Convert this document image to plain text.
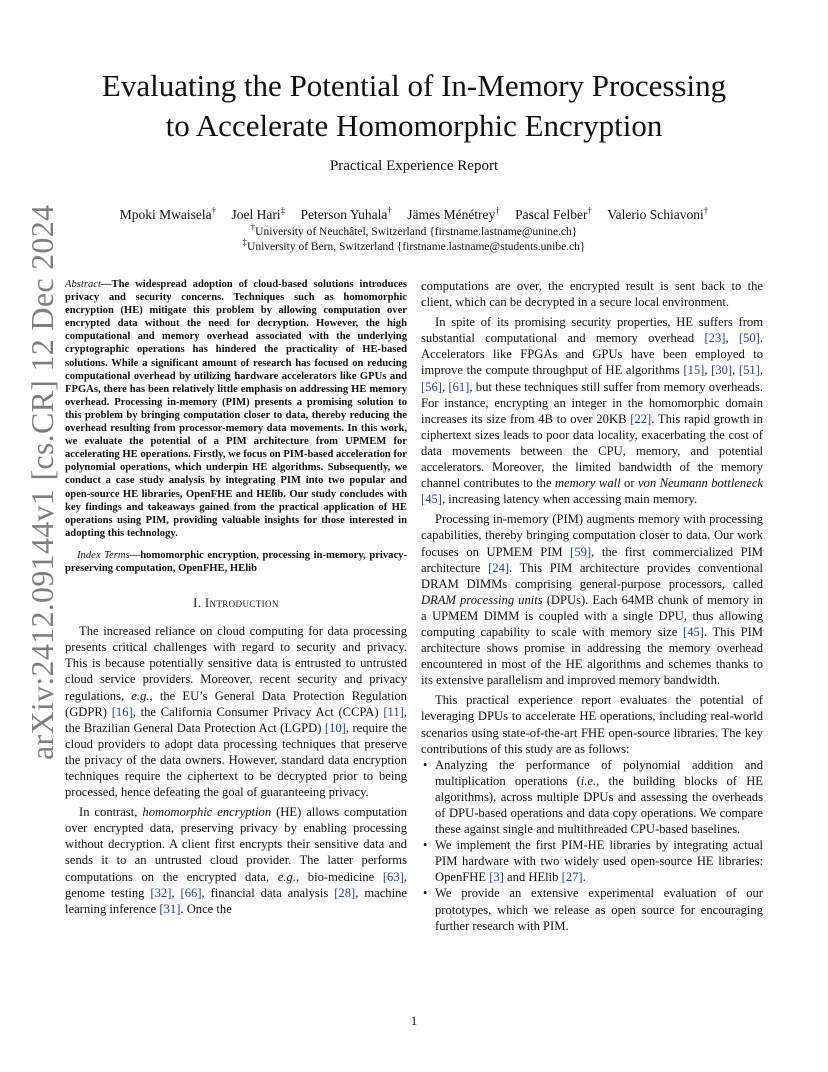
arXiv:2412.09144v1 [cs.CR] 12 Dec 2024
Evaluating the Potential of In-Memory Processing
to Accelerate Homomorphic Encryption
Practical Experience Report
Mpoki Mwaisela† Joel Hari‡ Peterson Yuhala† Jämes Ménétrey† Pascal Felber† Valerio Schiavoni†
†University of Neuchâtel, Switzerland {firstname.lastname@unine.ch}
‡University of Bern, Switzerland {firstname.lastname@students.unibe.ch}

Abstract—The widespread adoption of cloud-based solutions introduces privacy and security concerns. Techniques such as homomorphic encryption (HE) mitigate this problem by allowing computation over encrypted data without the need for decryption. However, the high computational and memory overhead associated with the underlying cryptographic operations has hindered the practicality of HE-based solutions. While a significant amount of research has focused on reducing computational overhead by utilizing hardware accelerators like GPUs and FPGAs, there has been relatively little emphasis on addressing HE memory overhead. Processing in-memory (PIM) presents a promising solution to this problem by bringing computation closer to data, thereby reducing the overhead resulting from processor-memory data movements. In this work, we evaluate the potential of a PIM architecture from UPMEM for accelerating HE operations. Firstly, we focus on PIM-based acceleration for polynomial operations, which underpin HE algorithms. Subsequently, we conduct a case study analysis by integrating PIM into two popular and open-source HE libraries, OpenFHE and HElib. Our study concludes with key findings and takeaways gained from the practical application of HE operations using PIM, providing valuable insights for those interested in adopting this technology.

Index Terms—homomorphic encryption, processing in-memory, privacy-preserving computation, OpenFHE, HElib

I. Introduction

The increased reliance on cloud computing for data processing presents critical challenges with regard to security and privacy. This is because potentially sensitive data is entrusted to untrusted cloud service providers. Moreover, recent security and privacy regulations, e.g., the EU’s General Data Protection Regulation (GDPR) [16], the California Consumer Privacy Act (CCPA) [11], the Brazilian General Data Protection Act (LGPD) [10], require the cloud providers to adopt data processing techniques that preserve the privacy of the data owners. However, standard data encryption techniques require the ciphertext to be decrypted prior to being processed, hence defeating the goal of guaranteeing privacy.

In contrast, homomorphic encryption (HE) allows computation over encrypted data, preserving privacy by enabling processing without decryption. A client first encrypts their sensitive data and sends it to an untrusted cloud provider. The latter performs computations on the encrypted data, e.g., bio-medicine [63], genome testing [32], [66], financial data analysis [28], machine learning inference [31]. Once the

computations are over, the encrypted result is sent back to the client, which can be decrypted in a secure local environment.

In spite of its promising security properties, HE suffers from substantial computational and memory overhead [23], [50]. Accelerators like FPGAs and GPUs have been employed to improve the compute throughput of HE algorithms [15], [30], [51], [56], [61], but these techniques still suffer from memory overheads. For instance, encrypting an integer in the homomorphic domain increases its size from 4B to over 20KB [22]. This rapid growth in ciphertext sizes leads to poor data locality, exacerbating the cost of data movements between the CPU, memory, and potential accelerators. Moreover, the limited bandwidth of the memory channel contributes to the memory wall or von Neumann bottleneck [45], increasing latency when accessing main memory.

Processing in-memory (PIM) augments memory with processing capabilities, thereby bringing computation closer to data. Our work focuses on UPMEM PIM [59], the first commercialized PIM architecture [24]. This PIM architecture provides conventional DRAM DIMMs comprising general-purpose processors, called DRAM processing units (DPUs). Each 64MB chunk of memory in a UPMEM DIMM is coupled with a single DPU, thus allowing computing capability to scale with memory size [45]. This PIM architecture shows promise in addressing the memory overhead encountered in most of the HE algorithms and schemes thanks to its extensive parallelism and improved memory bandwidth.

This practical experience report evaluates the potential of leveraging DPUs to accelerate HE operations, including real-world scenarios using state-of-the-art FHE open-source libraries. The key contributions of this study are as follows:

• Analyzing the performance of polynomial addition and multiplication operations (i.e., the building blocks of HE algorithms), across multiple DPUs and assessing the overheads of DPU-based operations and data copy operations. We compare these against single and multithreaded CPU-based baselines.
• We implement the first PIM-HE libraries by integrating actual PIM hardware with two widely used open-source HE libraries: OpenFHE [3] and HElib [27].
• We provide an extensive experimental evaluation of our prototypes, which we release as open source for encouraging further research with PIM.
1
